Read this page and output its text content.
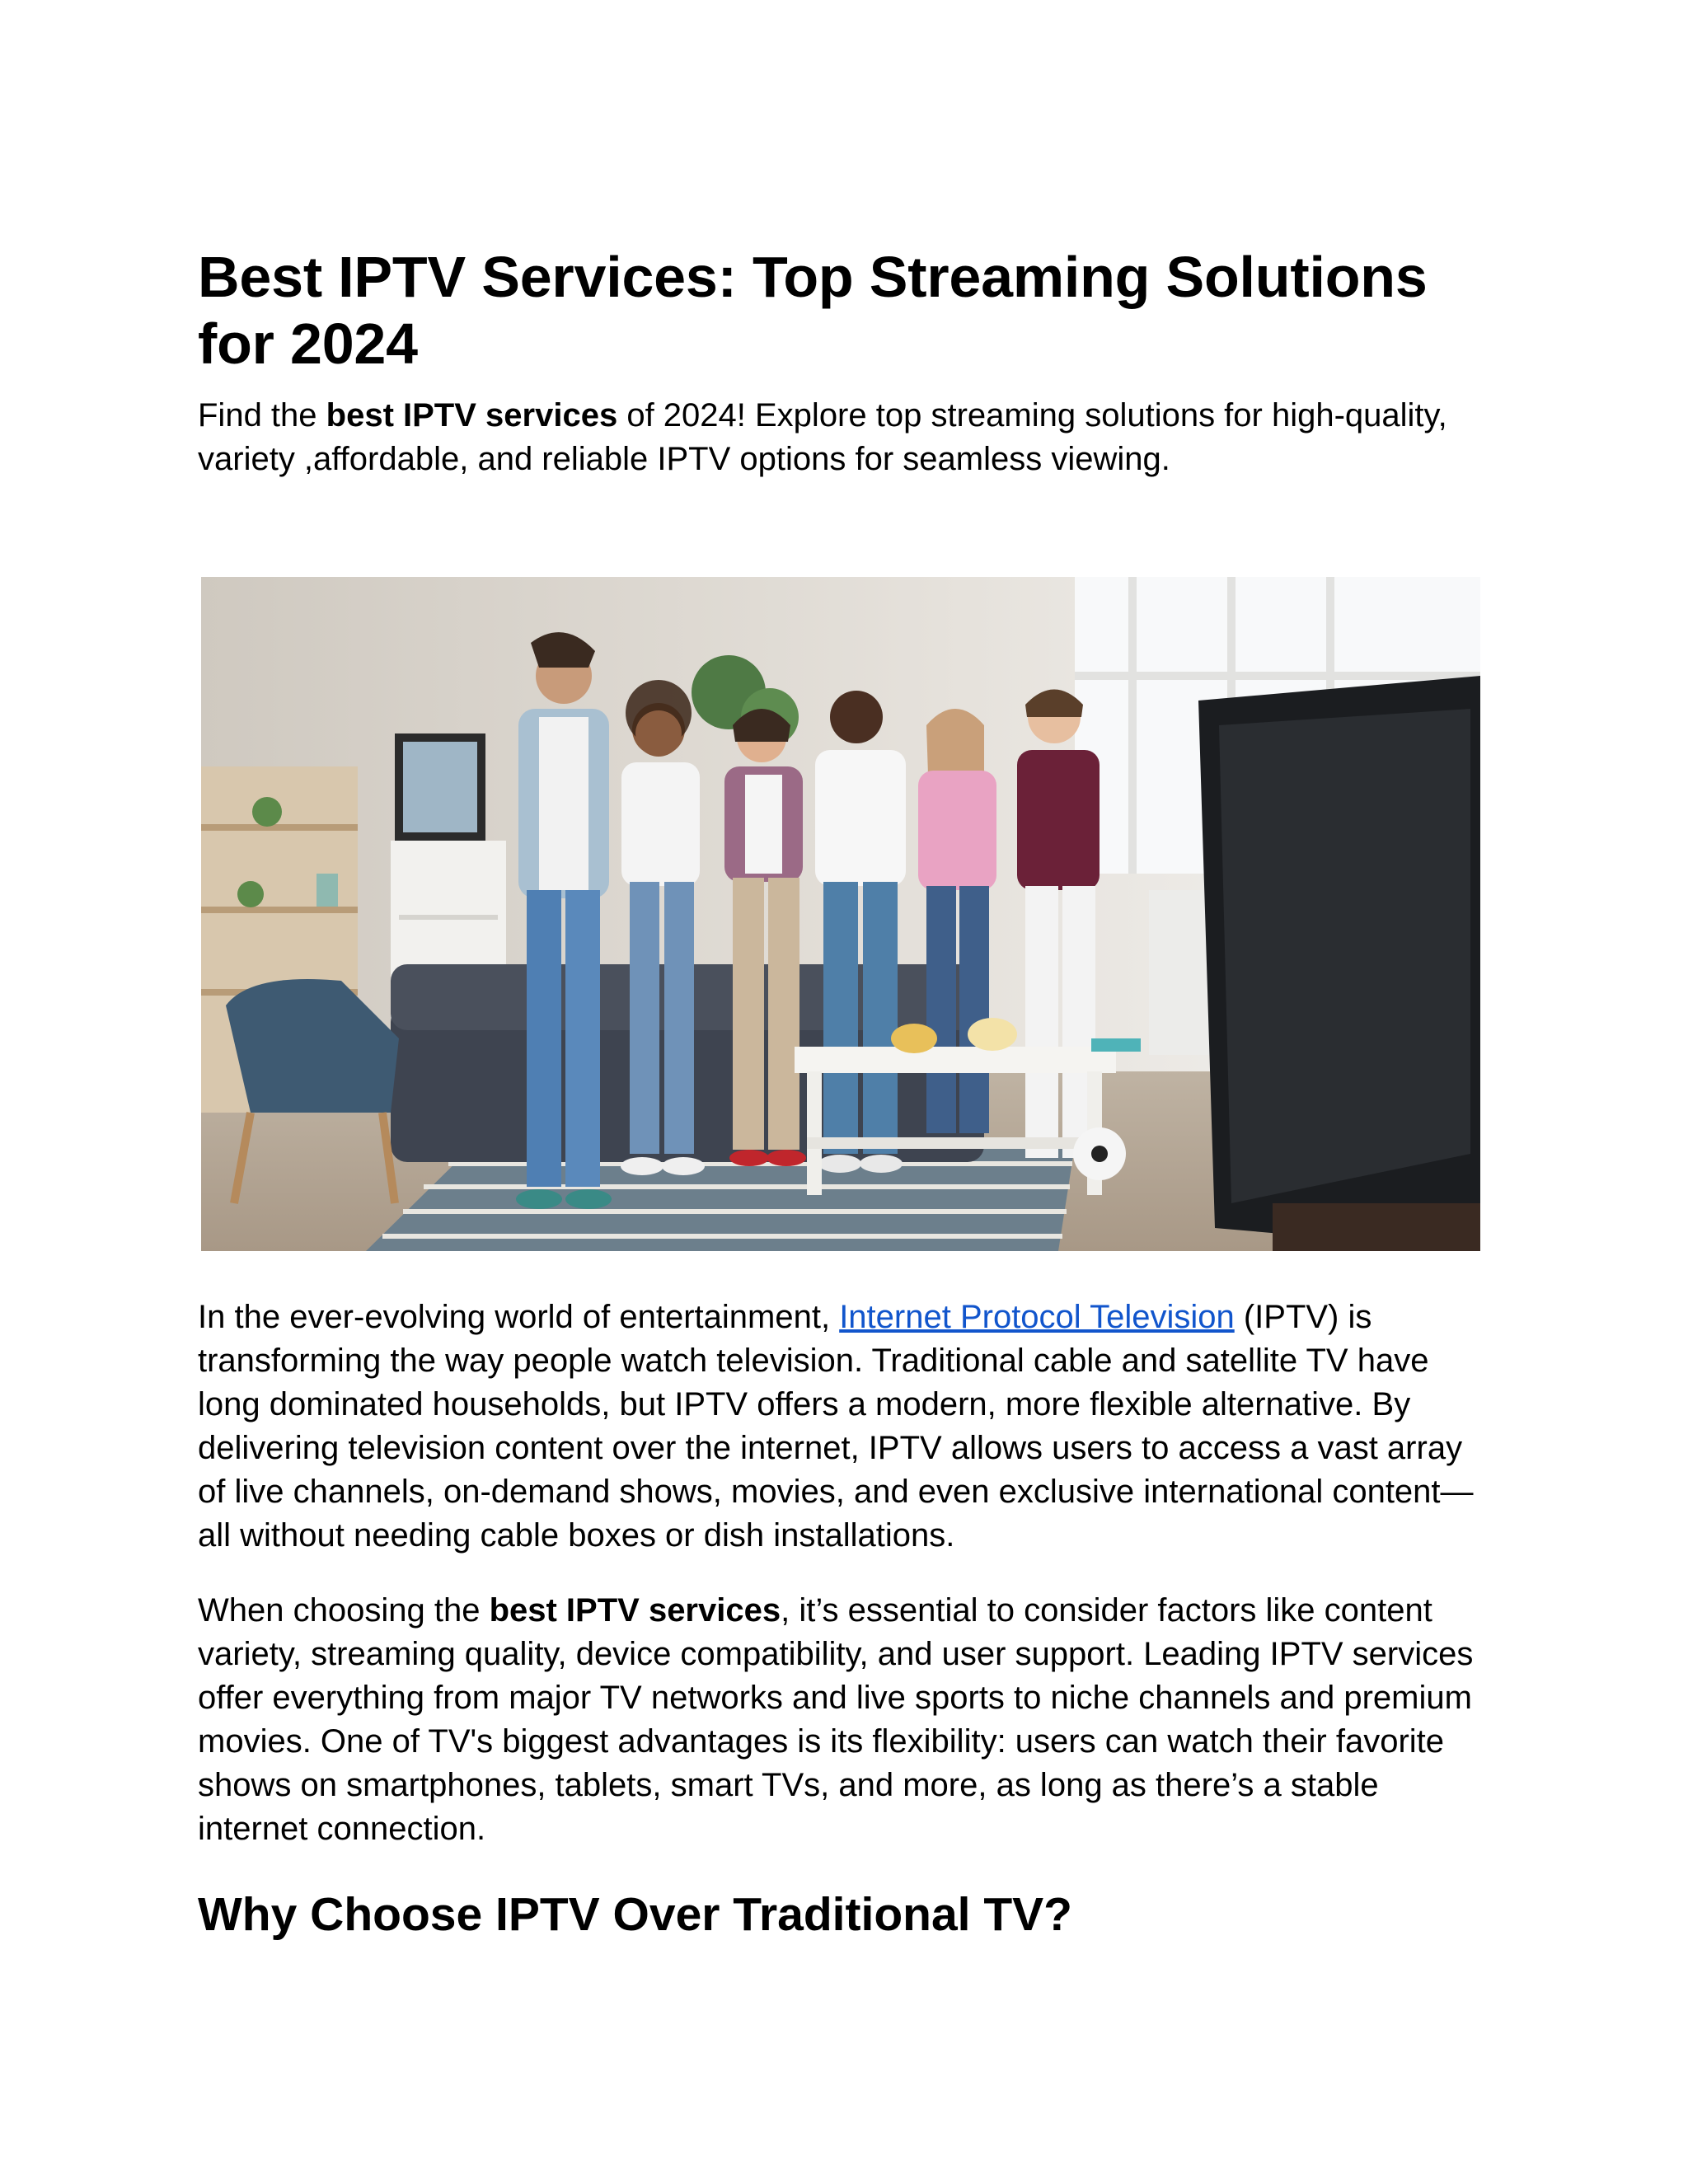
Best IPTV Services: Top Streaming Solutions for 2024

Find the best IPTV services of 2024! Explore top streaming solutions for high-quality, variety ,affordable, and reliable IPTV options for seamless viewing.

In the ever-evolving world of entertainment, Internet Protocol Television (IPTV) is transforming the way people watch television. Traditional cable and satellite TV have long dominated households, but IPTV offers a modern, more flexible alternative. By delivering television content over the internet, IPTV allows users to access a vast array of live channels, on-demand shows, movies, and even exclusive international content—all without needing cable boxes or dish installations.

When choosing the best IPTV services, it’s essential to consider factors like content variety, streaming quality, device compatibility, and user support. Leading IPTV services offer everything from major TV networks and live sports to niche channels and premium movies. One of TV's biggest advantages is its flexibility: users can watch their favorite shows on smartphones, tablets, smart TVs, and more, as long as there’s a stable internet connection.

Why Choose IPTV Over Traditional TV?
